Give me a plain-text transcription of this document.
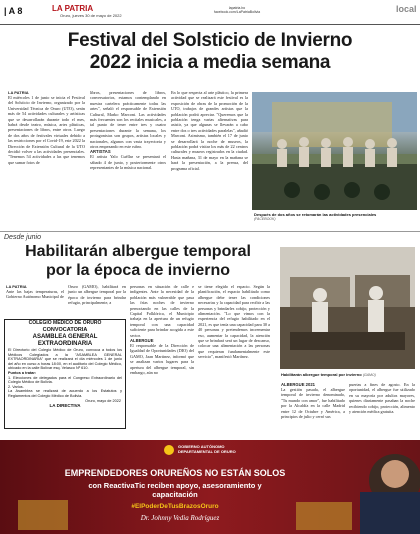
| A 8	LA PATRIA
Oruro, jueves 30 de mayo de 2022
lapatria.bo
facebook.com/LaPatriaBolivia	local
Festival del Solsticio de Invierno
2022 inicia a media semana
LA PATRIA
El miércoles 1 de junio se inicia el Festival del Solsticio de Invierno, organizado por la Universidad Técnica de Oruro (UTO), serán más de 54 actividades culturales y artísticas que se desarrollarán durante todo el mes, habrá desde teatro, música, artes plásticas, presentaciones de libros, entre otros. Luego de dos años de festivales virtuales debido a las restricciones por el Covid-19, este 2022 la Dirección de Extensión Cultural de la UTO decidió volver a las actividades presenciales. "Tenemos 54 actividades a las que tenemos que sumar fotos de
libros, presentaciones de libros, conversatorios, estamos contemplando en nuestra cartelera prácticamente todas las artes", señaló el responsable de Extensión Cultural, Marko Marconi. Las actividades más frecuentes son los recitales musicales, a tal punto de tener entre tres y cuatro presentaciones durante la semana, los protagonistas son grupos, artistas locales y nacionales, algunos con vasta trayectoria y otros empezando en este rubro.
ARTISTAS
El artista Yalo Cuéllar se presentará el sábado 4 de junio, y posteriormente otros representantes de la música nacional.
En lo que respecta al arte plástico, la primera actividad que se realizará este festival es la exposición de obras de la promoción de la UTO, trabajos de grandes artistas que la población podrá apreciar. "Queremos que la población tenga varias alternativas para asistir, ya que algunas se llevarán a cabo entre dos o tres actividades paralelas", añadió Marconi. Asimismo, también el 17 de junio se desarrollará la noche de museos, la población podrá visitar los más de 22 centros culturales y museos registrados en la ciudad. Hasta mañana, 31 de mayo en la mañana se hará la presentación, a la prensa, del programa oficial.
Después de dos años se retomarán las actividades presenciales
(FACEBOOK)
Desde junio
Habilitarán albergue temporal
por la época de invierno
LA PATRIA
Ante las bajas temperaturas, el Gobierno Autónomo Municipal de
Oruro (GAMO), habilitará en junio un albergue temporal por la época de invierno para brindar refugio, principalmente, a
COLEGIO MÉDICO DE ORURO
CONVOCATORIA
ASAMBLEA GENERAL
EXTRAORDINARIA
El Directorio del Colegio Médico de Oruro, convoca a todos los Médicos Colegiados a la "ASAMBLEA GENERAL EXTRAORDINARIA" que se realizará el día miércoles 1 de junio del año en curso a horas 18:00, en el auditorio del Colegio Médico, ubicado en la calle Bolívar esq. Velasco Nº 610.
Puntos a tratar:
1. Elecciones de delegados para el Congreso Extraordinario del Colegio Médico de Bolivia.
2. Varios.
La Asamblea se realizará de acuerdo a los Estatutos y Reglamentos del Colegio Médico de Bolivia.
Oruro, mayo de 2022
LA DIRECTIVA
personas en situación de calle e indigentes. Ante la necesidad de la población más vulnerable que pasa las frías noches de invierno pernoctando en las calles de la Capital Folklórica, el Municipio trabaja en la apertura de un refugio temporal con una capacidad suficiente para brindar acogida a este sector.
ALBERGUE
El responsable de la Dirección de Igualdad de Oportunidades (DIO) del GAMO, Jaan Martinez, informó que se analizan varios lugares para la apertura del albergue temporal, sin embargo, aún no
se tiene elegido el espacio. Según la planificación, el espacio habilitado como albergue debe tener las condiciones necesarias y la capacidad para recibir a las personas y brindarles cobijo, protección y alimentación. "Lo que vimos con la experiencia del refugio habilitado en el 2021, es que tenía una capacidad para 30 a 40 personas y pretendemos incrementar eso, aumentar la capacidad, la atención que se brindará será un lugar de descanso, colocar una alimentación a las personas que requieran fundamentalmente este servicio", manifestó Martínez.
Habilitarán albergue temporal por invierno (GAMO)
ALBERGUE 2021
La gestión pasada, el albergue temporal de invierno denominado, "Tu mundo con amor", fue habilitado por la Alcaldía en la calle Madrid entre 12 de Octubre y América, a principios de julio y cerró sus
puertas a fines de agosto. En la oportunidad, el albergue fue utilizado en su mayoría por adultos mayores, quienes diariamente pasaban la noche recibiendo cobijo, protección, alimento y atención médica gratuita.
GOBIERNO AUTÓNOMO
DEPARTAMENTAL DE ORURO
EMPRENDEDORES ORUREÑOS NO ESTÁN SOLOS
con ReactivaTic reciben apoyo, asesoramiento y
capacitación
#ElPoderDeTusBrazosOruro
Dr. Johnny Vedia Rodríguez
